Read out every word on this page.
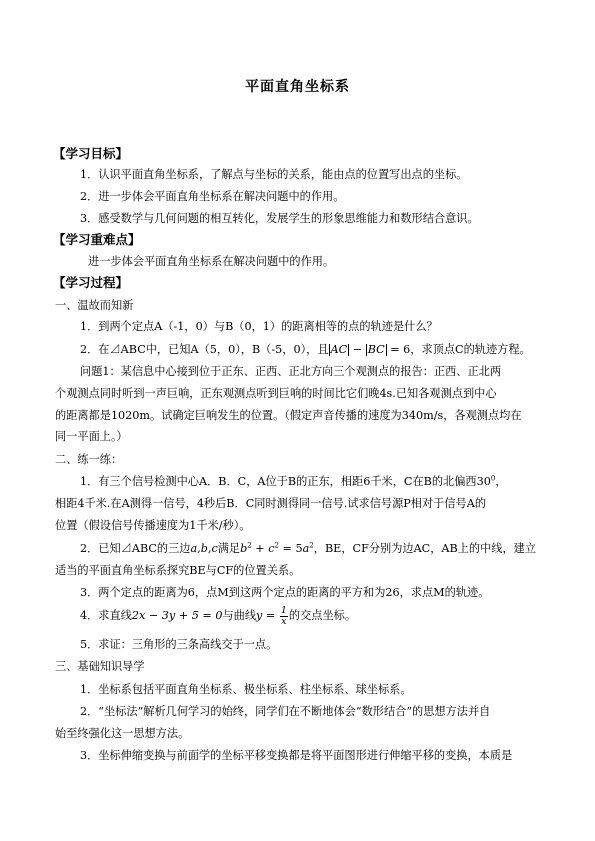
平面直角坐标系
【学习目标】
1．认识平面直角坐标系，了解点与坐标的关系，能由点的位置写出点的坐标。
2．进一步体会平面直角坐标系在解决问题中的作用。
3．感受数学与几何问题的相互转化，发展学生的形象思维能力和数形结合意识。
【学习重难点】
进一步体会平面直角坐标系在解决问题中的作用。
【学习过程】
一、温故而知新
1．到两个定点A（-1，0）与B（0，1）的距离相等的点的轨迹是什么？
2．在⊿ABC中，已知A（5，0），B（-5，0），且 AC − BC = 6，求顶点C的轨迹方程。
问题1：某信息中心接到位于正东、正西、正北方向三个观测点的报告：正西、正北两
个观测点同时听到一声巨响，正东观测点听到巨响的时间比它们晚4s.已知各观测点到中心
的距离都是1020m。试确定巨响发生的位置。（假定声音传播的速度为340m/s，各观测点均在
同一平面上。）
二、练一练：
1．有三个信号检测中心A．B．C，A位于B的正东，相距6千米，C在B的北偏西$30^0$，
相距4千米.在A测得一信号，4秒后B．C同时测得同一信号.试求信号源P相对于信号A的
位置（假设信号传播速度为1千米/秒）。
2．已知⊿ABC的三边a,b,c满足$b^2 + c^2 = 5a^2$，BE，CF分别为边AC，AB上的中线，建立
适当的平面直角坐标系探究BE与CF的位置关系。
3．两个定点的距离为6，点M到这两个定点的距离的平方和为26，求点M的轨迹。
4．求直线2x − 3y + 5 = 0与曲线$y = \frac{1}{x}$ 的交点坐标。
5．求证：三角形的三条高线交于一点。
三、基础知识导学
1．坐标系包括平面直角坐标系、极坐标系、柱坐标系、球坐标系。
2．“坐标法”解析几何学习的始终，同学们在不断地体会“数形结合”的思想方法并自
始至终强化这一思想方法。
3．坐标伸缩变换与前面学的坐标平移变换都是将平面图形进行伸缩平移的变换，本质是
